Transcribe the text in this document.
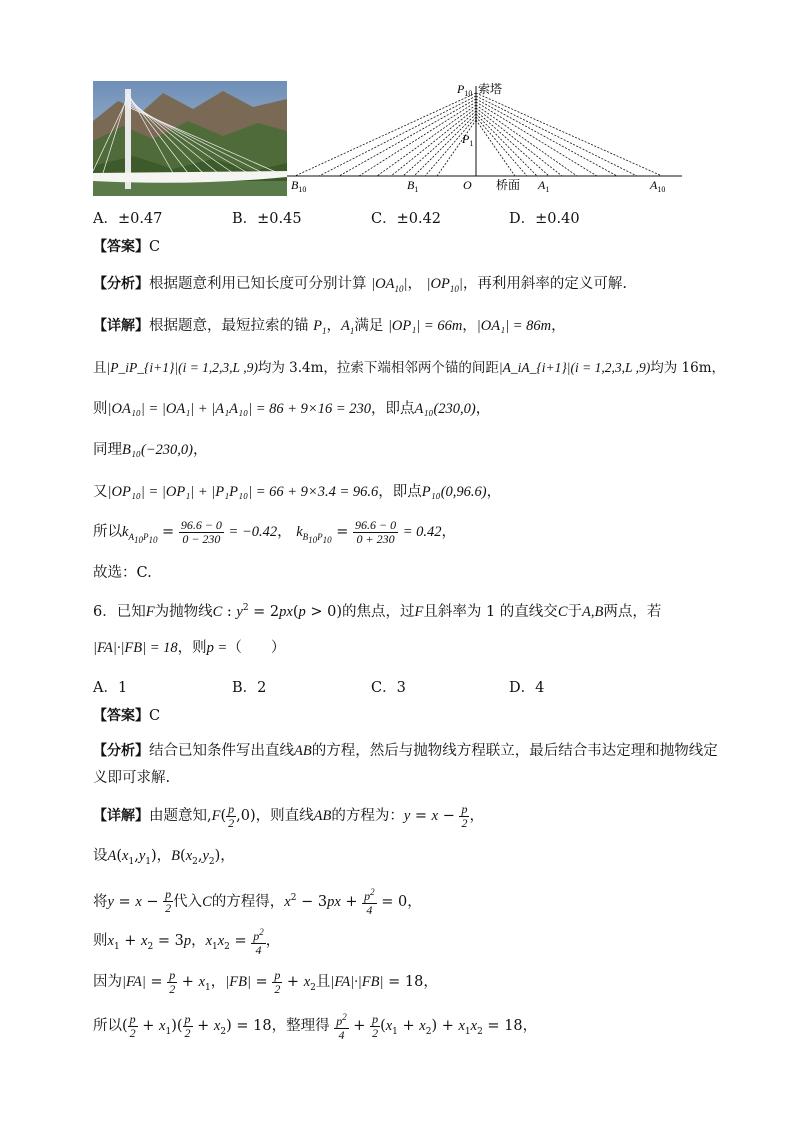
$P_{10}$ 索塔
$P_1$
$B_{10}$	$B_1$	O 桥面 $A_1$	$A_{10}$
A．±0.47	B．±0.45	C．±0.42	D．±0.40
【答案】C
【分析】根据题意利用已知长度可分别计算 $|OA_{10}|$， $|OP_{10}|$，再利用斜率的定义可解.
【详解】根据题意，最短拉索的锚 $P_1$，$A_1$满足 |OP₁| = 66m，|OA₁| = 86m，
且|P_iP_{i+1}|(i = 1,2,3,L ,9)均为 3.4m，拉索下端相邻两个锚的间距|A_iA_{i+1}|(i = 1,2,3,L ,9)均为 16m，
则|OA₁₀| = |OA₁| + |A₁A₁₀| = 86 + 9×16 = 230，即点A₁₀(230,0)，
同理B₁₀(−230,0)，
又|OP₁₀| = |OP₁| + |P₁P₁₀| = 66 + 9×3.4 = 96.6，即点P₁₀(0,96.6)，
所以$k_{A_{10}P_{10}} = \frac{96.6 - 0}{0 - 230} = -0.42$， $k_{B_{10}P_{10}} = \frac{96.6 - 0}{0 + 230} = 0.42$，
故选：C.
6．已知F为抛物线C : $y^2 = 2px(p > 0)$的焦点，过F且斜率为 1 的直线交C于A,B两点，若
|FA|·|FB| = 18，则p =（　　）
A．1	B．2	C．3	D．4
【答案】C
【分析】结合已知条件写出直线AB的方程，然后与抛物线方程联立，最后结合韦达定理和抛物线定
义即可求解.
【详解】由题意知$,F( \frac{p}{2} ,0)$，则直线AB的方程为：$y = x - \frac{p}{2}$ ，
设$A(x_1,y_1)$，$B(x_2,y_2)$，
将$y = x - \frac{p}{2}$ 代入C的方程得，$x^2 - 3px + \frac{p^2}{4} = 0$，
则$x_1 + x_2 = 3p$，$x_1x_2 = \frac{p^2}{4}$ ，
因为$|FA| = \frac{p}{2} + x_1$，$|FB| = \frac{p}{2} + x_2$且|FA|·|FB| = 18，
所以( $\frac{p}{2} + x_1)( \frac{p}{2} + x_2) = 18$，整理得 $\frac{p^2}{4} + \frac{p}{2} (x_1 + x_2) + x_1x_2 = 18$，
